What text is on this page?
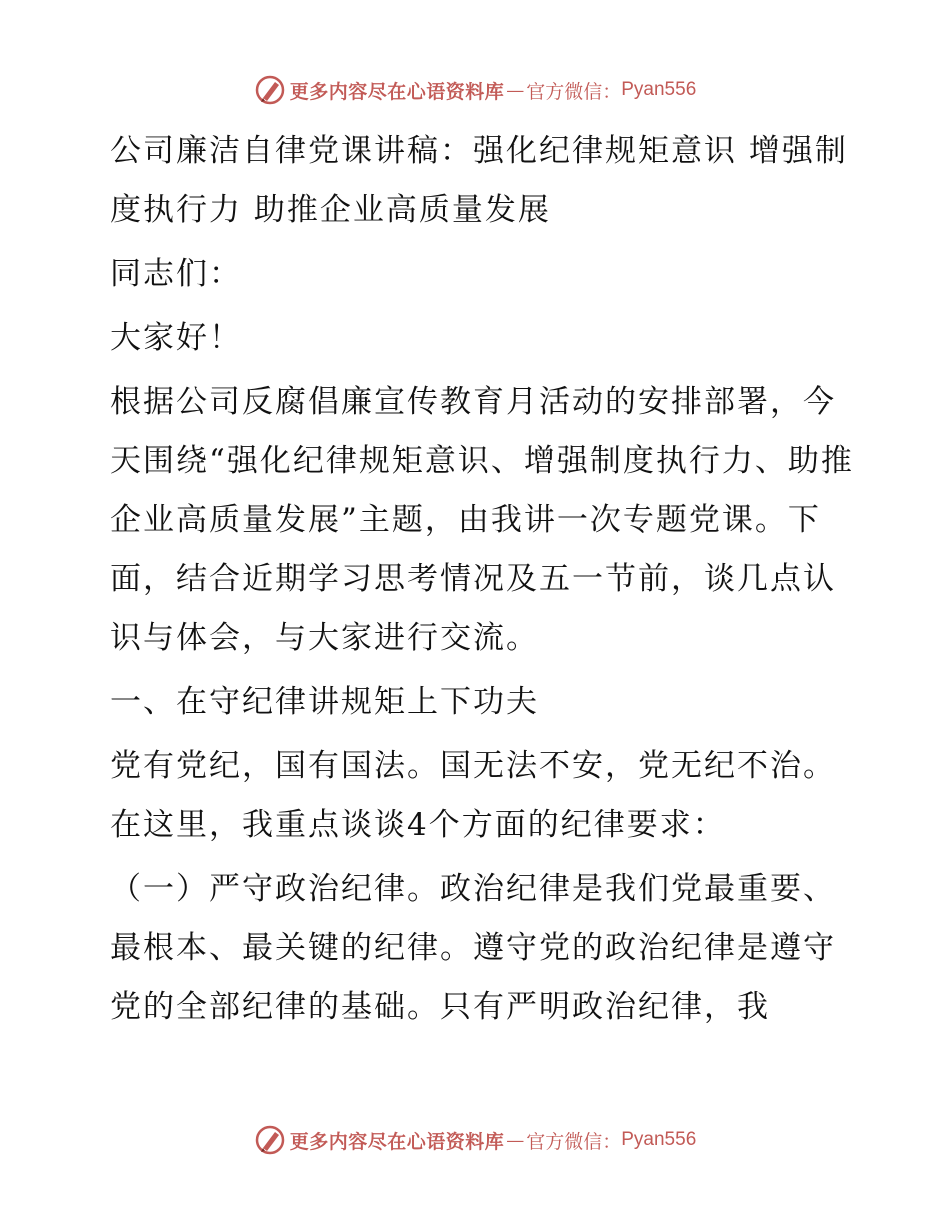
更多内容尽在心语资料库 — 官方微信： Pyan556

公司廉洁自律党课讲稿：强化纪律规矩意识 增强制度执行力 助推企业高质量发展

同志们：

大家好！

根据公司反腐倡廉宣传教育月活动的安排部署，今天围绕“强化纪律规矩意识、增强制度执行力、助推企业高质量发展”主题，由我讲一次专题党课。下面，结合近期学习思考情况及五一节前，谈几点认识与体会，与大家进行交流。

一、在守纪律讲规矩上下功夫

党有党纪，国有国法。国无法不安，党无纪不治。在这里，我重点谈谈4个方面的纪律要求：

（一）严守政治纪律。政治纪律是我们党最重要、最根本、最关键的纪律。遵守党的政治纪律是遵守党的全部纪律的基础。只有严明政治纪律，我

更多内容尽在心语资料库 — 官方微信： Pyan556
